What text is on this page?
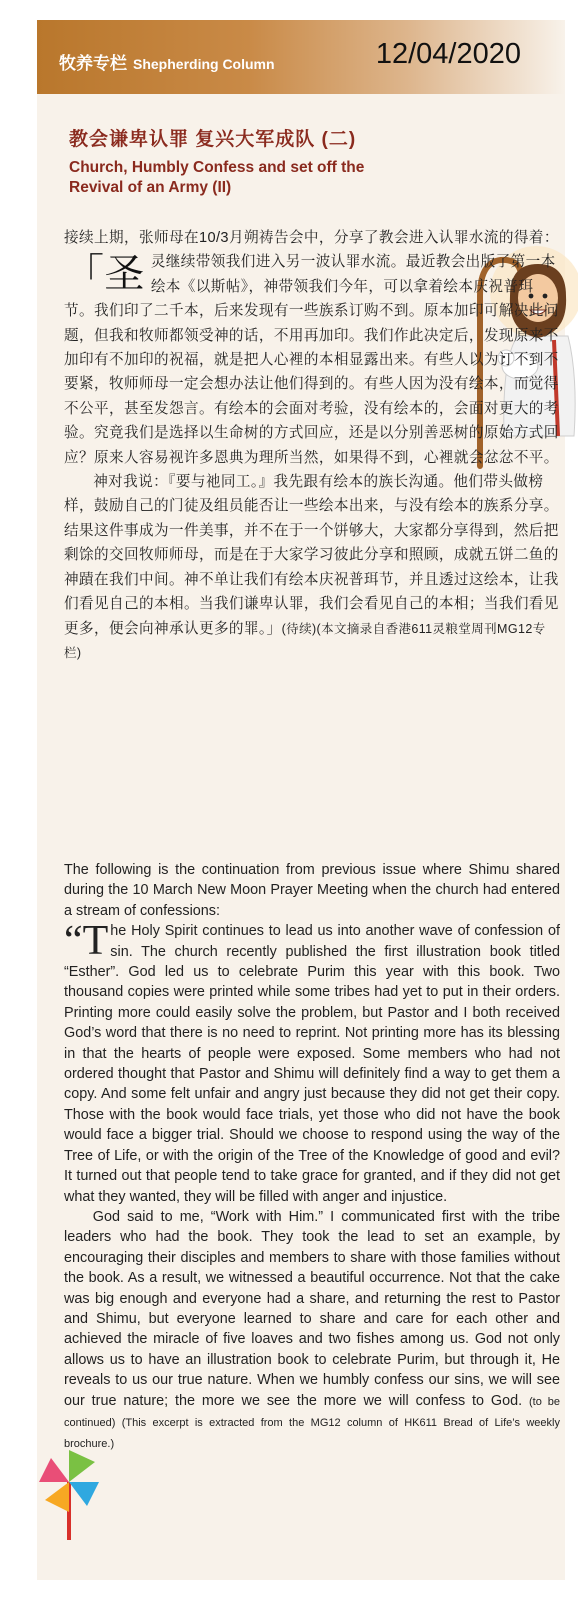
牧养专栏 Shepherding Column	12/04/2020
教会谦卑认罪 复兴大军成队 (二)
Church, Humbly Confess and set off the Revival of an Army (II)

接续上期，张师母在10/3月朔祷告会中，分享了教会进入认罪水流的得着：

「圣 灵继续带领我们进入另一波认罪水流。最近教会出版了第一本绘本《以斯帖》，神带领我们今年，可以拿着绘本庆祝普珥节。我们印了二千本，后来发现有一些族系订购不到。原本加印可解决此问题，但我和牧师都领受神的话，不用再加印。我们作此决定后，发现原来不加印有不加印的祝福，就是把人心裡的本相显露出来。有些人以为订不到不要紧，牧师师母一定会想办法让他们得到的。有些人因为没有绘本，而觉得不公平，甚至发怨言。有绘本的会面对考验，没有绘本的，会面对更大的考验。究竟我们是选择以生命树的方式回应，还是以分别善恶树的原始方式回应？原来人容易视许多恩典为理所当然，如果得不到，心裡就会忿忿不平。

神对我说：『要与祂同工。』我先跟有绘本的族长沟通。他们带头做榜样，鼓励自己的门徒及组员能否让一些绘本出来，与没有绘本的族系分享。结果这件事成为一件美事，并不在于一个饼够大，大家都分享得到，然后把剩馀的交回牧师师母，而是在于大家学习彼此分享和照顾，成就五饼二鱼的神蹟在我们中间。神不单让我们有绘本庆祝普珥节，并且透过这绘本，让我们看见自己的本相。当我们谦卑认罪，我们会看见自己的本相；当我们看见更多，便会向神承认更多的罪。」(待续)(本文摘录自香港611灵粮堂周刊MG12专栏)

The following is the continuation from previous issue where Shimu shared during the 10 March New Moon Prayer Meeting when the church had entered a stream of confessions:

“The Holy Spirit continues to lead us into another wave of confession of sin. The church recently published the first illustration book titled “Esther”. God led us to celebrate Purim this year with this book. Two thousand copies were printed while some tribes had yet to put in their orders. Printing more could easily solve the problem, but Pastor and I both received God’s word that there is no need to reprint. Not printing more has its blessing in that the hearts of people were exposed. Some members who had not ordered thought that Pastor and Shimu will definitely find a way to get them a copy. And some felt unfair and angry just because they did not get their copy. Those with the book would face trials, yet those who did not have the book would face a bigger trial. Should we choose to respond using the way of the Tree of Life, or with the origin of the Tree of the Knowledge of good and evil? It turned out that people tend to take grace for granted, and if they did not get what they wanted, they will be filled with anger and injustice.

God said to me, “Work with Him.” I communicated first with the tribe leaders who had the book. They took the lead to set an example, by encouraging their disciples and members to share with those families without the book. As a result, we witnessed a beautiful occurrence. Not that the cake was big enough and everyone had a share, and returning the rest to Pastor and Shimu, but everyone learned to share and care for each other and achieved the miracle of five loaves and two fishes among us. God not only allows us to have an illustration book to celebrate Purim, but through it, He reveals to us our true nature. When we humbly confess our sins, we will see our true nature; the more we see the more we will confess to God. (to be continued) (This excerpt is extracted from the MG12 column of HK611 Bread of Life’s weekly brochure.)
